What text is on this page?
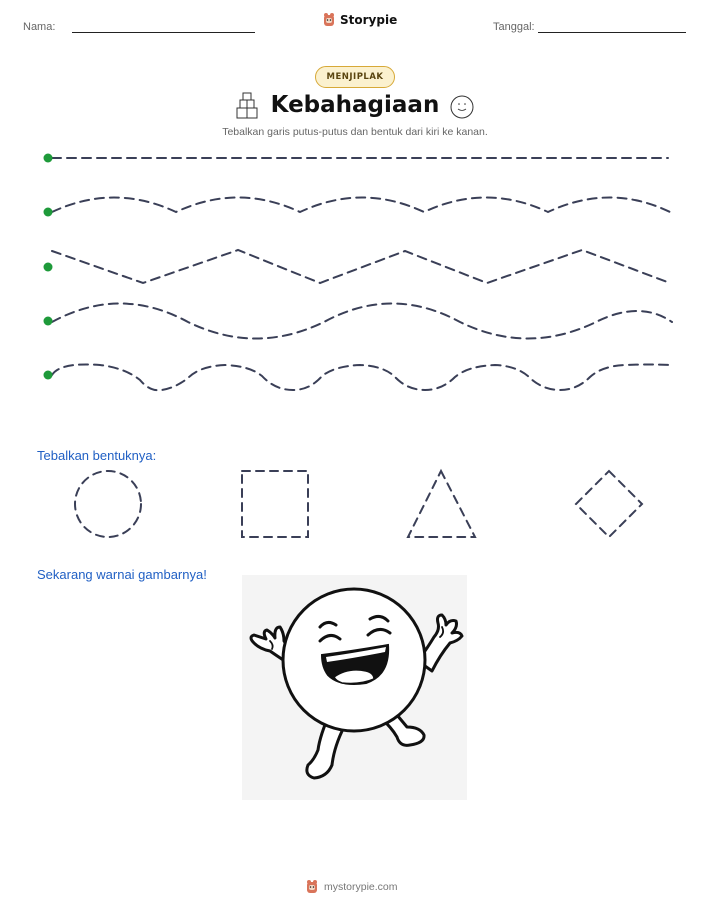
Nama:	Storypie	Tanggal:
MENJIPLAK
Kebahagiaan
Tebalkan garis putus-putus dan bentuk dari kiri ke kanan.
Tebalkan bentuknya:
Sekarang warnai gambarnya!
mystorypie.com
